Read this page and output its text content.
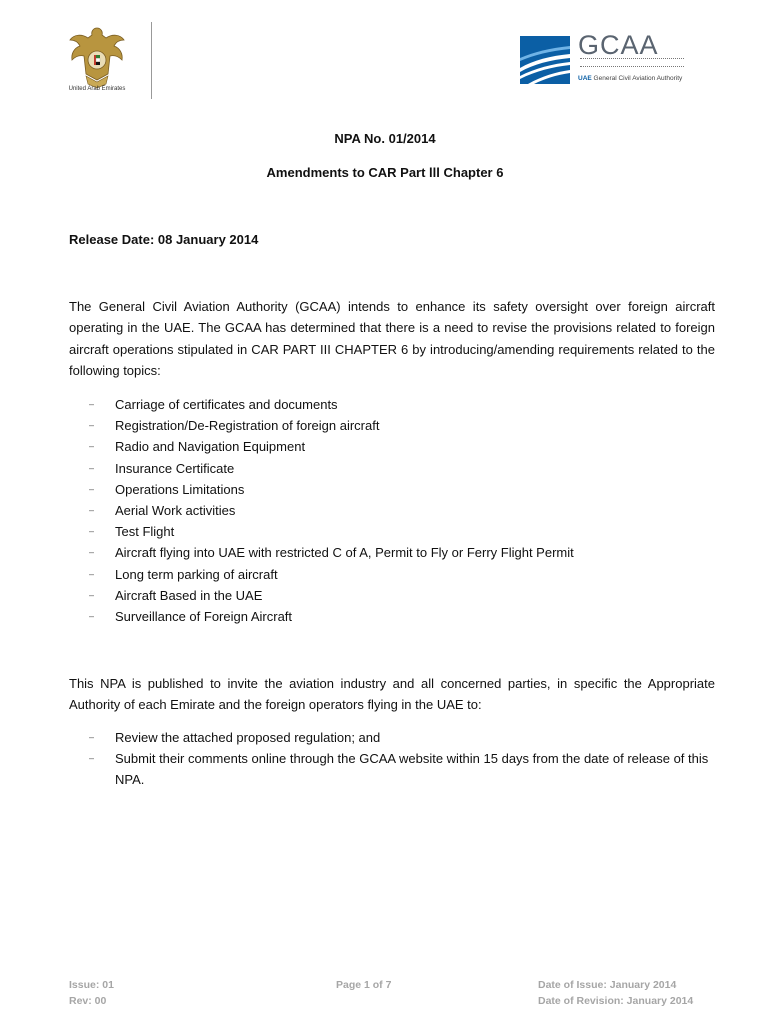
United Arab Emirates
GCAA
UAE General Civil Aviation Authority
NPA No. 01/2014
Amendments to CAR Part lll Chapter 6
Release Date: 08 January 2014
The General Civil Aviation Authority (GCAA) intends to enhance its safety oversight over foreign aircraft operating in the UAE. The GCAA has determined that there is a need to revise the provisions related to foreign aircraft operations stipulated in CAR PART III CHAPTER 6 by introducing/amending requirements related to the following topics:
– Carriage of certificates and documents
– Registration/De-Registration of foreign aircraft
– Radio and Navigation Equipment
– Insurance Certificate
– Operations Limitations
– Aerial Work activities
– Test Flight
– Aircraft flying into UAE with restricted C of A, Permit to Fly or Ferry Flight Permit
– Long term parking of aircraft
– Aircraft Based in the UAE
– Surveillance of Foreign Aircraft
This NPA is published to invite the aviation industry and all concerned parties, in specific the Appropriate Authority of each Emirate and the foreign operators flying in the UAE to:
– Review the attached proposed regulation; and
– Submit their comments online through the GCAA website within 15 days from the date of release of this NPA.
Issue: 01
Rev: 00
Page 1 of 7	Date of Issue: January 2014
Date of Revision: January 2014
